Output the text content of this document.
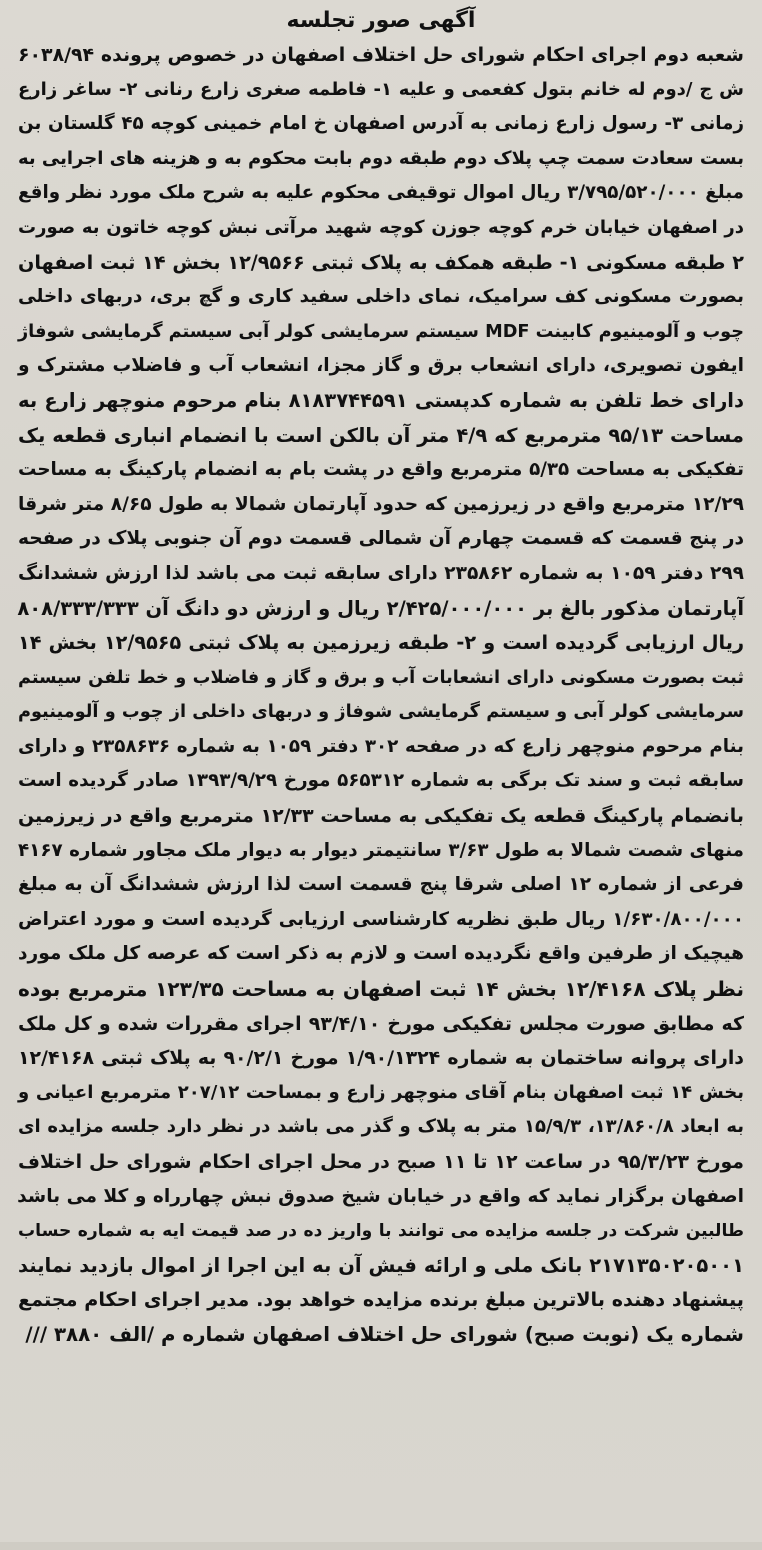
آگهی صور تجلسه
شعبه دوم اجرای احکام شورای حل اختلاف اصفهان در خصوص پرونده ۶۰۳۸/۹۴
ش ج /دوم له خانم بتول کفعمی و علیه ۱- فاطمه صغری زارع رنانی ۲- ساغر زارع
زمانی ۳- رسول زارع زمانی به آدرس اصفهان خ امام خمینی کوچه ۴۵ گلستان بن
بست سعادت سمت چپ پلاک دوم طبقه دوم بابت محکوم به و هزینه های اجرایی به
مبلغ ۳/۷۹۵/۵۲۰/۰۰۰ ریال اموال توقیفی محکوم علیه به شرح ملک مورد نظر واقع
در اصفهان خیابان خرم کوچه جوزن کوچه شهید مرآتی نبش کوچه خاتون به صورت
۲ طبقه مسکونی ۱- طبقه همکف به پلاک ثبتی ۱۲/۹۵۶۶ بخش ۱۴ ثبت اصفهان
بصورت مسکونی کف سرامیک، نمای داخلی سفید کاری و گچ بری، دربهای داخلی
چوب و آلومینیوم کابینت MDF سیستم سرمایشی کولر آبی سیستم گرمایشی شوفاژ
ایفون تصویری، دارای انشعاب برق و گاز مجزا، انشعاب آب و فاضلاب مشترک و
دارای خط تلفن به شماره کدپستی ۸۱۸۳۷۴۴۵۹۱ بنام مرحوم منوچهر زارع به
مساحت ۹۵/۱۳ مترمربع که ۴/۹ متر آن بالکن است با انضمام انباری قطعه یک
تفکیکی به مساحت ۵/۳۵ مترمربع واقع در پشت بام به انضمام پارکینگ به مساحت
۱۲/۲۹ مترمربع واقع در زیرزمین که حدود آپارتمان شمالا به طول ۸/۶۵ متر شرقا
در پنج قسمت که قسمت چهارم آن شمالی قسمت دوم آن جنوبی پلاک در صفحه
۲۹۹ دفتر ۱۰۵۹ به شماره ۲۳۵۸۶۲ دارای سابقه ثبت می باشد لذا ارزش ششدانگ
آپارتمان مذکور بالغ بر ۲/۴۲۵/۰۰۰/۰۰۰ ریال و ارزش دو دانگ آن ۸۰۸/۳۳۳/۳۳۳
ریال ارزیابی گردیده است و ۲- طبقه زیرزمین به پلاک ثبتی ۱۲/۹۵۶۵ بخش ۱۴
ثبت بصورت مسکونی دارای انشعابات آب و برق و گاز و فاضلاب و خط تلفن سیستم
سرمایشی کولر آبی و سیستم گرمایشی شوفاژ و دربهای داخلی از چوب و آلومینیوم
بنام مرحوم منوچهر زارع که در صفحه ۳۰۲ دفتر ۱۰۵۹ به شماره ۲۳۵۸۶۳۶ و دارای
سابقه ثبت و سند تک برگی به شماره ۵۶۵۳۱۲ مورخ ۱۳۹۳/۹/۲۹ صادر گردیده است
بانضمام پارکینگ قطعه یک تفکیکی به مساحت ۱۲/۳۳ مترمربع واقع در زیرزمین
منهای شصت شمالا به طول ۳/۶۳ سانتیمتر دیوار به دیوار ملک مجاور شماره ۴۱۶۷
فرعی از شماره ۱۲ اصلی شرقا پنج قسمت است لذا ارزش ششدانگ آن به مبلغ
۱/۶۳۰/۸۰۰/۰۰۰ ریال طبق نظریه کارشناسی ارزیابی گردیده است و مورد اعتراض
هیچیک از طرفین واقع نگردیده است و لازم به ذکر است که عرصه کل ملک مورد
نظر پلاک ۱۲/۴۱۶۸ بخش ۱۴ ثبت اصفهان به مساحت ۱۲۳/۳۵ مترمربع بوده
که مطابق صورت مجلس تفکیکی مورخ ۹۳/۴/۱۰ اجرای مقررات شده و کل ملک
دارای پروانه ساختمان به شماره ۱/۹۰/۱۳۲۴ مورخ ۹۰/۲/۱ به پلاک ثبتی ۱۲/۴۱۶۸
بخش ۱۴ ثبت اصفهان بنام آقای منوچهر زارع و بمساحت ۲۰۷/۱۲ مترمربع اعیانی و
به ابعاد ۱۳/۸۶۰/۸، ۱۵/۹/۳ متر به پلاک و گذر می باشد در نظر دارد جلسه مزایده ای
مورخ ۹۵/۳/۲۳ در ساعت ۱۲ تا ۱۱ صبح در محل اجرای احکام شورای حل اختلاف
اصفهان برگزار نماید که واقع در خیابان شیخ صدوق نبش چهارراه و کلا می باشد
طالبین شرکت در جلسه مزایده می توانند با واریز ده در صد قیمت ایه به شماره حساب
۲۱۷۱۳۵۰۲۰۵۰۰۱ بانک ملی و ارائه فیش آن به این اجرا از اموال بازدید نمایند
پیشنهاد دهنده بالاترین مبلغ برنده مزایده خواهد بود. مدیر اجرای احکام مجتمع
شماره یک (نوبت صبح) شورای حل اختلاف اصفهان شماره م /الف ۳۸۸۰ ///
